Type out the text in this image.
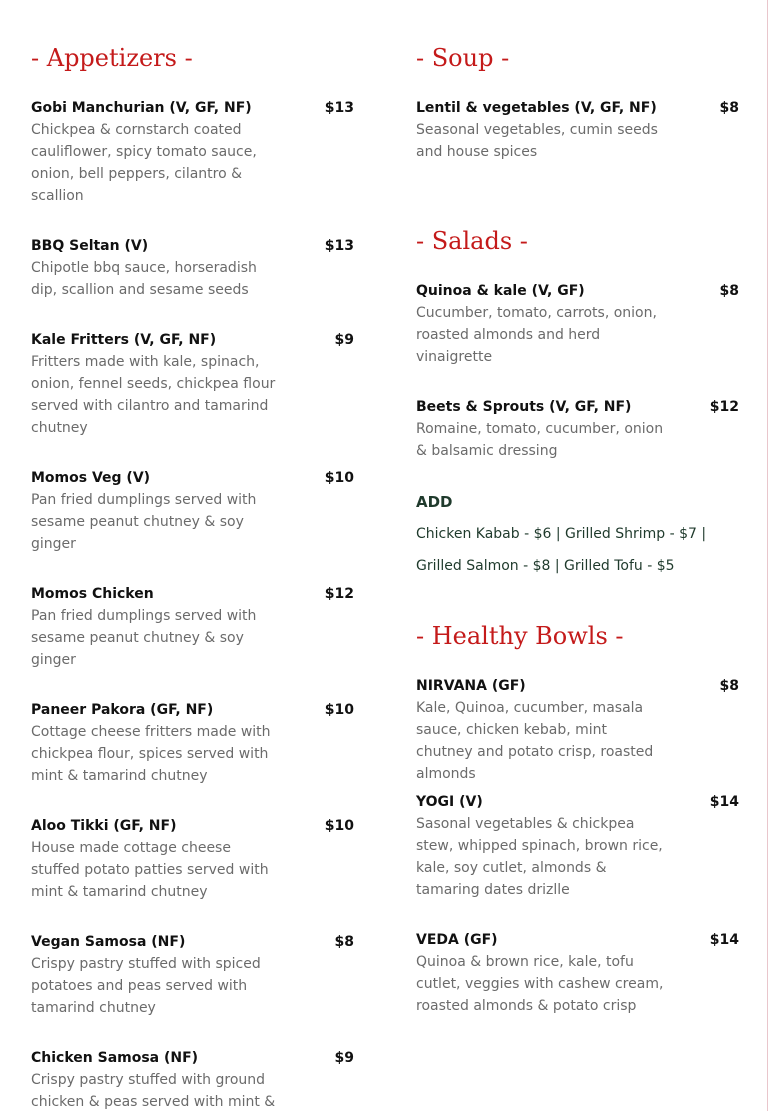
- Appetizers -
Gobi Manchurian (V, GF, NF)	$13
Chickpea & cornstarch coated cauliflower, spicy tomato sauce, onion, bell peppers, cilantro & scallion
BBQ Seltan (V)	$13
Chipotle bbq sauce, horseradish dip, scallion and sesame seeds
Kale Fritters (V, GF, NF)	$9
Fritters made with kale, spinach, onion, fennel seeds, chickpea flour served with cilantro and tamarind chutney
Momos Veg (V)	$10
Pan fried dumplings served with sesame peanut chutney & soy ginger
Momos Chicken	$12
Pan fried dumplings served with sesame peanut chutney & soy ginger
Paneer Pakora (GF, NF)	$10
Cottage cheese fritters made with chickpea flour, spices served with mint & tamarind chutney
Aloo Tikki (GF, NF)	$10
House made cottage cheese stuffed potato patties served with mint & tamarind chutney
Vegan Samosa (NF)	$8
Crispy pastry stuffed with spiced potatoes and peas served with tamarind chutney
Chicken Samosa (NF)	$9
Crispy pastry stuffed with ground chicken & peas served with mint &
- Soup -
Lentil & vegetables (V, GF, NF)	$8
Seasonal vegetables, cumin seeds and house spices
- Salads -
Quinoa & kale (V, GF)	$8
Cucumber, tomato, carrots, onion, roasted almonds and herd vinaigrette
Beets & Sprouts (V, GF, NF)	$12
Romaine, tomato, cucumber, onion & balsamic dressing
ADD
Chicken Kabab - $6 | Grilled Shrimp - $7 | Grilled Salmon - $8 | Grilled Tofu - $5
- Healthy Bowls -
NIRVANA (GF)	$8
Kale, Quinoa, cucumber, masala sauce, chicken kebab, mint chutney and potato crisp, roasted almonds
YOGI (V)	$14
Sasonal vegetables & chickpea stew, whipped spinach, brown rice, kale, soy cutlet, almonds & tamaring dates drizlle
VEDA (GF)	$14
Quinoa & brown rice, kale, tofu cutlet, veggies with cashew cream, roasted almonds & potato crisp
